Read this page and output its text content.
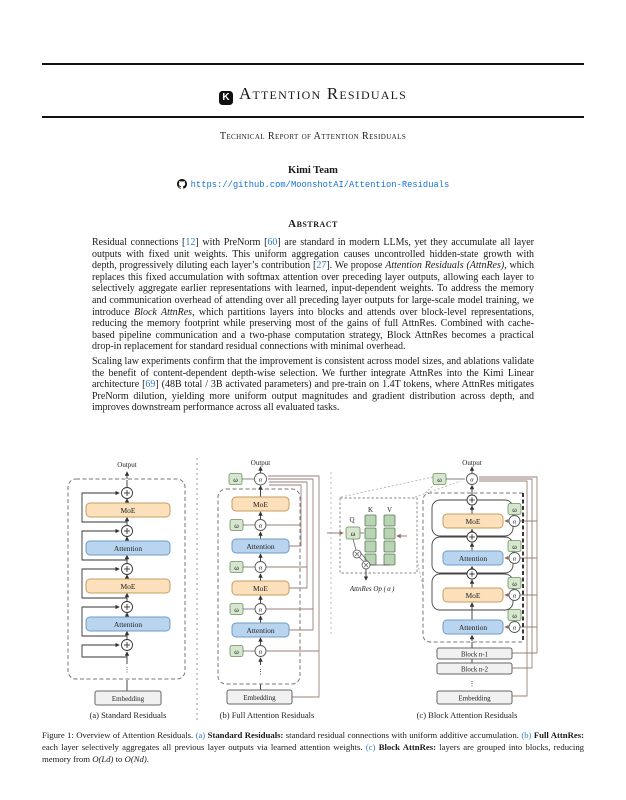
K Attention Residuals
Technical Report of Attention Residuals
Kimi Team
https://github.com/MoonshotAI/Attention-Residuals
Abstract

Residual connections [12] with PreNorm [60] are standard in modern LLMs, yet they accumulate all layer outputs with fixed unit weights. This uniform aggregation causes uncontrolled hidden-state growth with depth, progressively diluting each layer’s contribution [27]. We propose Attention Residuals (AttnRes), which replaces this fixed accumulation with softmax attention over preceding layer outputs, allowing each layer to selectively aggregate earlier representations with learned, input-dependent weights. To address the memory and communication overhead of attending over all preceding layer outputs for large-scale model training, we introduce Block AttnRes, which partitions layers into blocks and attends over block-level representations, reducing the memory footprint while preserving most of the gains of full AttnRes. Combined with cache-based pipeline communication and a two-phase computation strategy, Block AttnRes becomes a practical drop-in replacement for standard residual connections with minimal overhead.

Scaling law experiments confirm that the improvement is consistent across model sizes, and ablations validate the benefit of content-dependent depth-wise selection. We further integrate AttnRes into the Kimi Linear architecture [69] (48B total / 3B activated parameters) and pre-train on 1.4T tokens, where AttnRes mitigates PreNorm dilution, yielding more uniform output magnitudes and gradient distribution across depth, and improves downstream performance across all evaluated tasks.

Output
MoE
Attention
MoE
Attention
⋮
Embedding
(a) Standard Residuals
Output
ω
ω
ω
ω
ω
α
α
α
α
α
MoE
Attention
MoE
Attention
⋮
Embedding
(b) Full Attention Residuals
Q
K V
ω
AttnRes Op ( α )
Output
MoE
Attention
MoE
Attention
ω
ω
ω
ω
ω
α
α
α
α
α
Block n-1
Block n-2
⋮
Embedding
(c) Block Attention Residuals
Figure 1: Overview of Attention Residuals. (a) Standard Residuals: standard residual connections with uniform additive accumulation. (b) Full AttnRes: each layer selectively aggregates all previous layer outputs via learned attention weights. (c) Block AttnRes: layers are grouped into blocks, reducing memory from O(Ld) to O(Nd).
